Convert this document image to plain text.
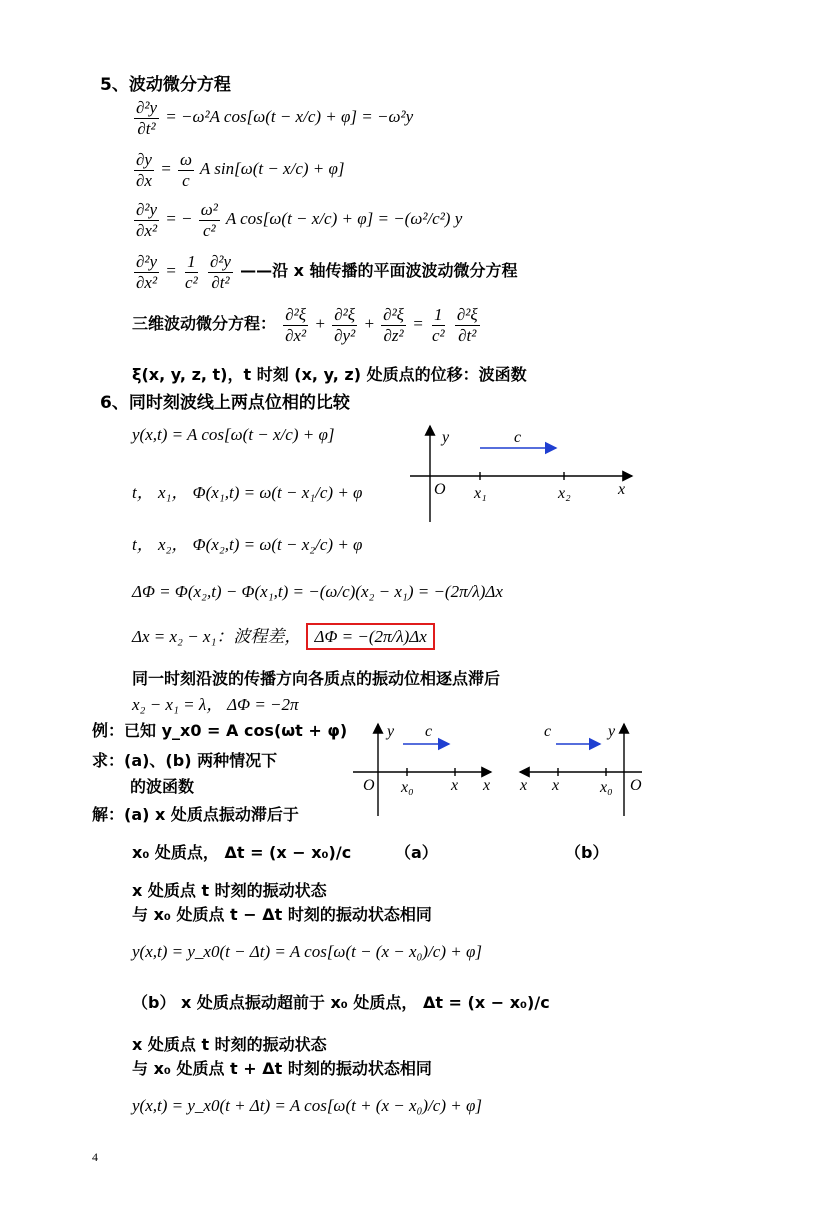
5、波动微分方程
$\frac{\text{∂²y}}{\text{∂t²}} = -\omega^2A$ cos[ω(t − x/c) + φ] = −ω²y
$\frac{\partial y}{\partial x} = \frac{\omega}{c}$ A sin[ω(t − x/c) + φ]
$\frac{\text{∂²y}}{\text{∂x²}}$ = − $\frac{\text{ω²}}{\text{c²}}$ A cos[ω(t − x/c) + φ] = −(ω²/c²) y
$\frac{\text{∂²y}}{\text{∂x²}} = \frac{1}{\text{c²}}$
$\frac{\text{∂²y}}{\text{∂t²}}$ ——沿 x 轴传播的平面波波动微分方程
三维波动微分方程： $\frac{\text{∂²ξ}}{\text{∂x²}} + \frac{\text{∂²ξ}}{\text{∂y²}} + \frac{\text{∂²ξ}}{\text{∂z²}} = \frac{1}{\text{c²}}$
$\frac{\text{∂²ξ}}{\text{∂t²}}$
ξ(x, y, z, t)，t 时刻 (x, y, z) 处质点的位移：波函数
6、同时刻波线上两点位相的比较
y(x,t) = A cos[ω(t − x/c) + φ]
t， x₁， Φ(x₁,t) = ω(t − x₁/c) + φ
t， x₂， Φ(x₂,t) = ω(t − x₂/c) + φ
ΔΦ = Φ(x₂,t) − Φ(x₁,t) = −(ω/c)(x₂ − x₁) = −(2π/λ)Δx
Δx = x₂ − x₁：波程差， ΔΦ = −(2π/λ)Δx
同一时刻沿波的传播方向各质点的振动位相逐点滞后
x₂ − x₁ = λ， ΔΦ = −2π
y	c
O x₁	x₂	x
例：已知 y_x0 = A cos(ωt + φ)
求：(a)、(b) 两种情况下
的波函数
解：(a) x 处质点振动滞后于
x₀ 处质点， Δt = (x − x₀)/c	（a）	（b）
x 处质点 t 时刻的振动状态
与 x₀ 处质点 t − Δt 时刻的振动状态相同
y(x,t) = y_x0(t − Δt) = A cos[ω(t − (x − x₀)/c) + φ]
（b） x 处质点振动超前于 x₀ 处质点， Δt = (x − x₀)/c
x 处质点 t 时刻的振动状态
与 x₀ 处质点 t + Δt 时刻的振动状态相同
y(x,t) = y_x0(t + Δt) = A cos[ω(t + (x − x₀)/c) + φ]
y c
O x₀ x x
y
c
O
x₀
x
x
4
